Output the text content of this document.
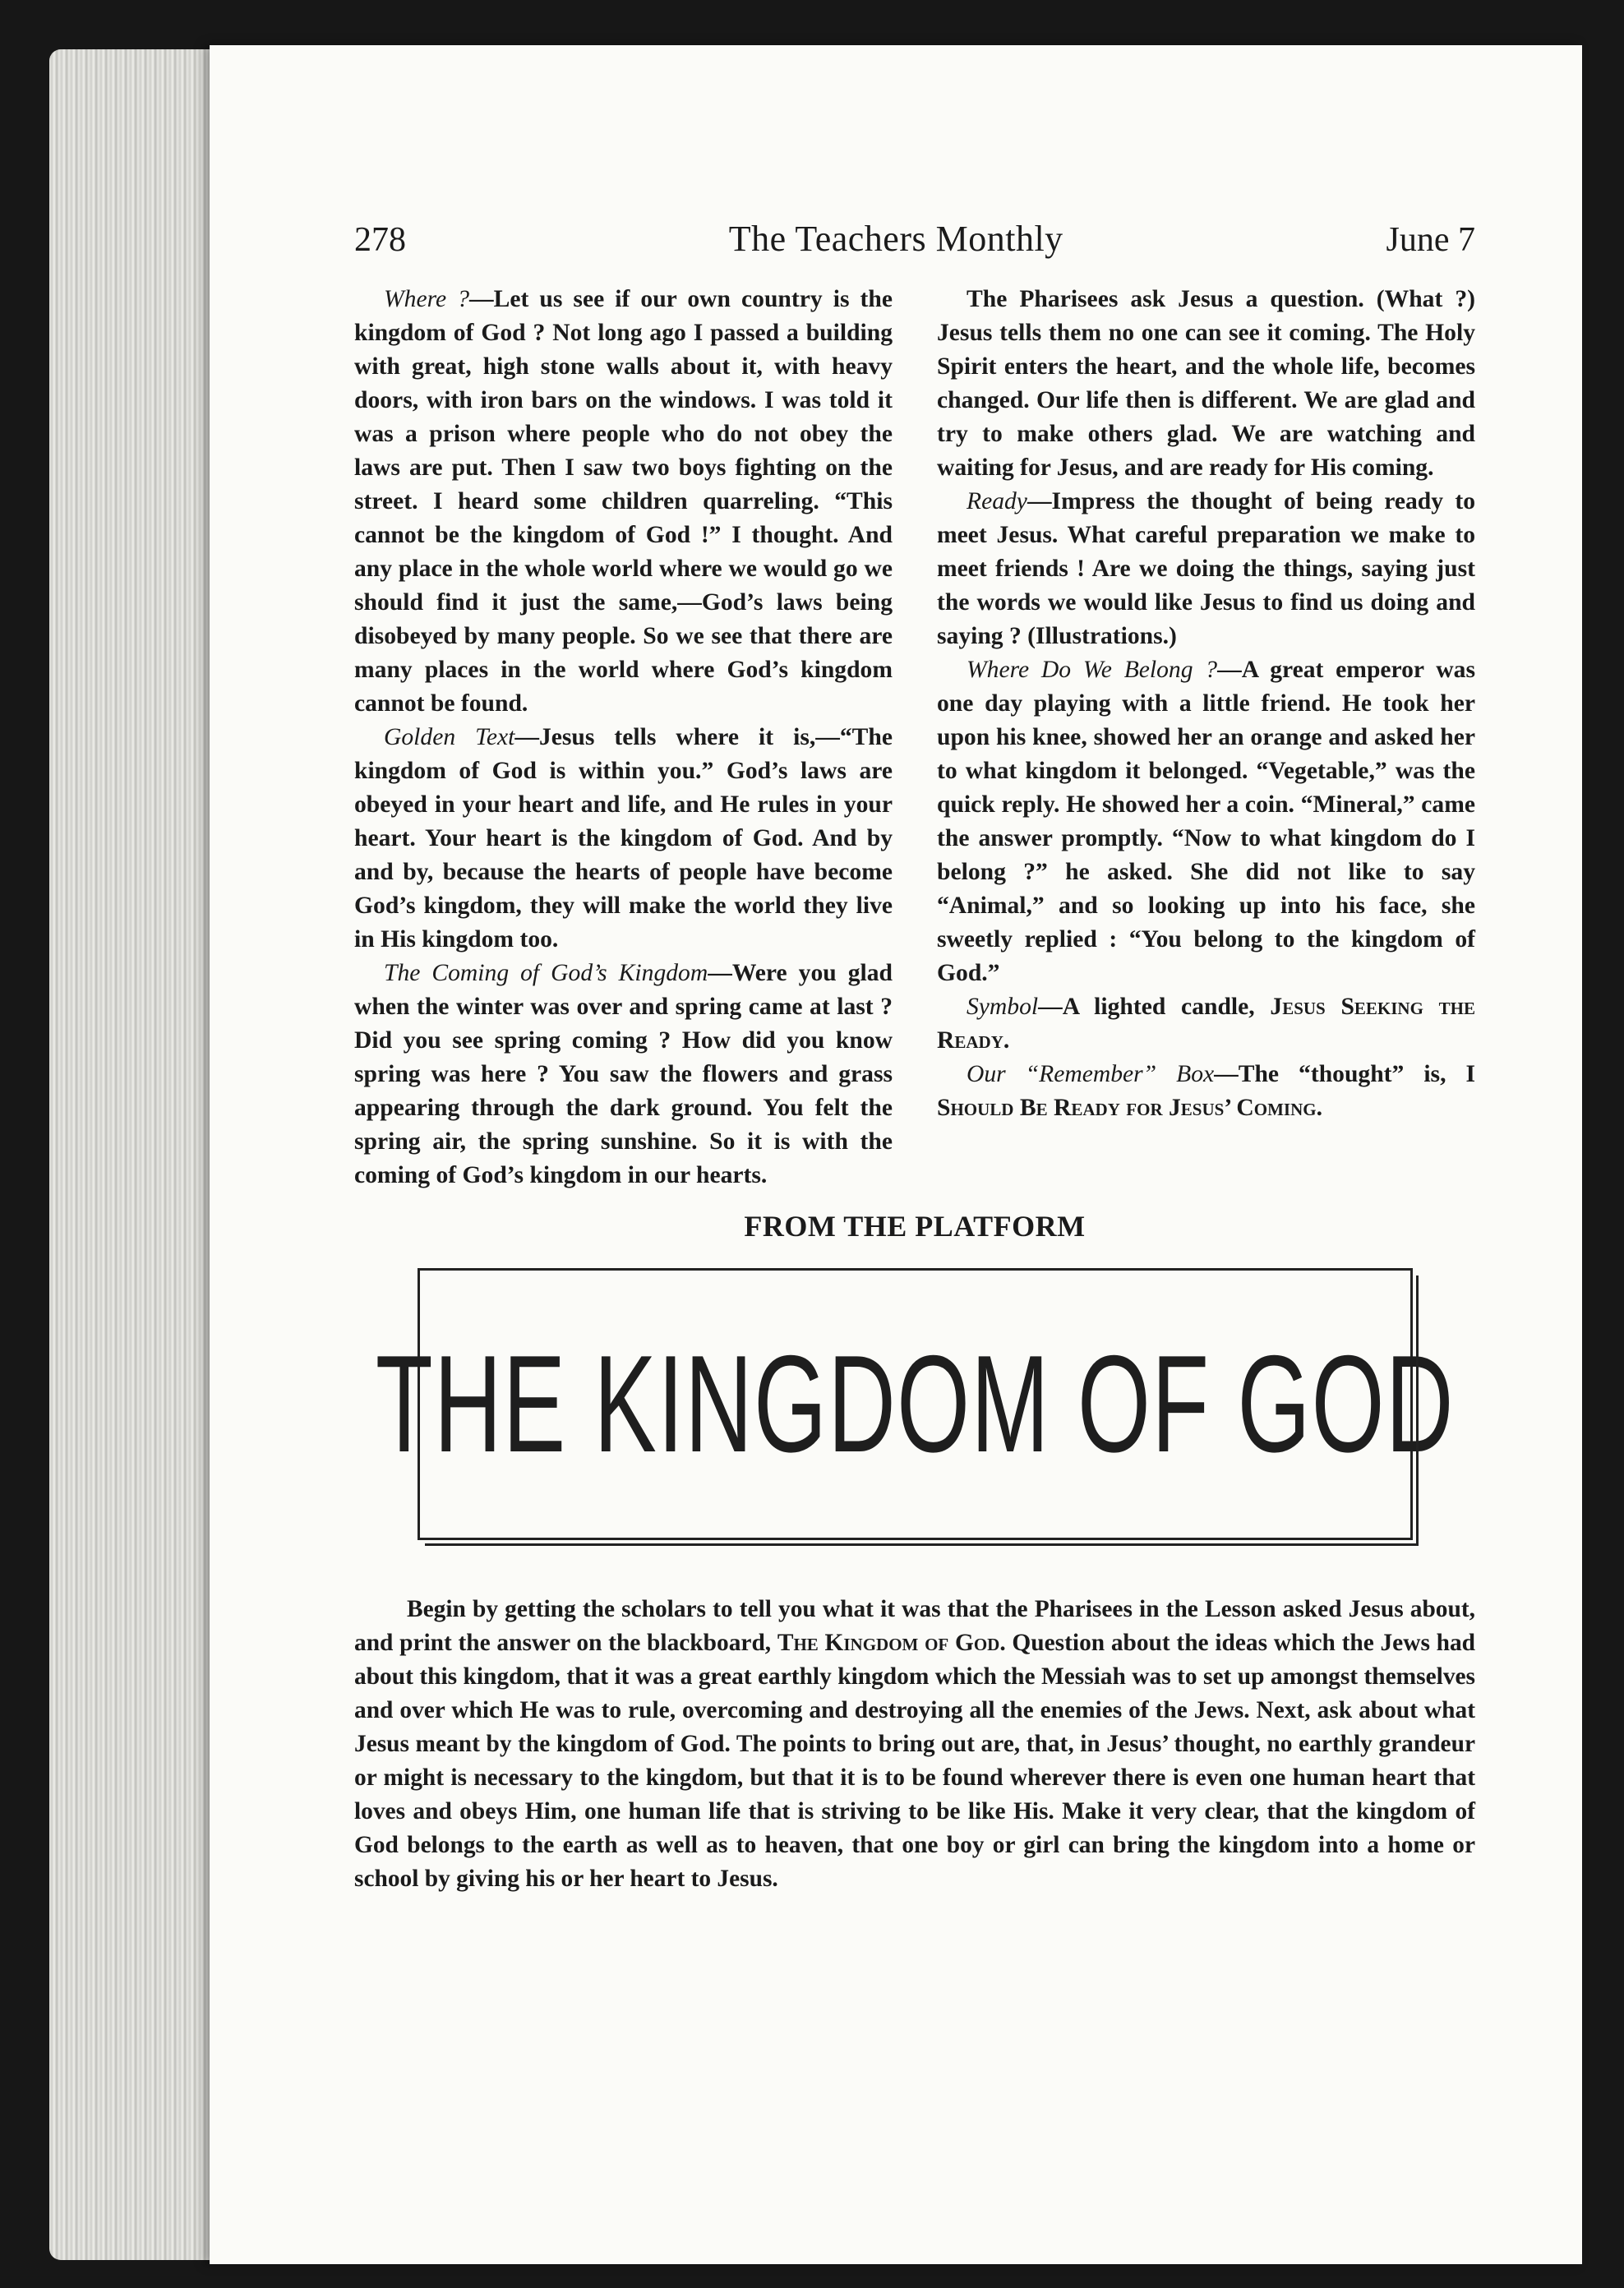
278	The Teachers Monthly	June 7

Where ?—Let us see if our own country is the kingdom of God ? Not long ago I passed a building with great, high stone walls about it, with heavy doors, with iron bars on the windows. I was told it was a prison where people who do not obey the laws are put. Then I saw two boys fighting on the street. I heard some children quarreling. “This cannot be the kingdom of God !” I thought. And any place in the whole world where we would go we should find it just the same,—God’s laws being disobeyed by many people. So we see that there are many places in the world where God’s kingdom cannot be found.

Golden Text—Jesus tells where it is,—“The kingdom of God is within you.” God’s laws are obeyed in your heart and life, and He rules in your heart. Your heart is the kingdom of God. And by and by, because the hearts of people have become God’s kingdom, they will make the world they live in His kingdom too.

The Coming of God’s Kingdom—Were you glad when the winter was over and spring came at last ? Did you see spring coming ? How did you know spring was here ? You saw the flowers and grass appearing through the dark ground. You felt the spring air, the spring sunshine. So it is with the coming of God’s kingdom in our hearts.

The Pharisees ask Jesus a question. (What ?) Jesus tells them no one can see it coming. The Holy Spirit enters the heart, and the whole life, becomes changed. Our life then is different. We are glad and try to make others glad. We are watching and waiting for Jesus, and are ready for His coming.

Ready—Impress the thought of being ready to meet Jesus. What careful preparation we make to meet friends ! Are we doing the things, saying just the words we would like Jesus to find us doing and saying ? (Illustrations.)

Where Do We Belong ?—A great emperor was one day playing with a little friend. He took her upon his knee, showed her an orange and asked her to what kingdom it belonged. “Vegetable,” was the quick reply. He showed her a coin. “Mineral,” came the answer promptly. “Now to what kingdom do I belong ?” he asked. She did not like to say “Animal,” and so looking up into his face, she sweetly replied : “You belong to the kingdom of God.”

Symbol—A lighted candle, Jesus Seeking the Ready.

Our “Remember” Box—The “thought” is, I Should Be Ready for Jesus’ Coming.

FROM THE PLATFORM
THE KINGDOM OF GOD

Begin by getting the scholars to tell you what it was that the Pharisees in the Lesson asked Jesus about, and print the answer on the blackboard, The Kingdom of God. Question about the ideas which the Jews had about this kingdom, that it was a great earthly kingdom which the Messiah was to set up amongst themselves and over which He was to rule, overcoming and destroying all the enemies of the Jews. Next, ask about what Jesus meant by the kingdom of God. The points to bring out are, that, in Jesus’ thought, no earthly grandeur or might is necessary to the kingdom, but that it is to be found wherever there is even one human heart that loves and obeys Him, one human life that is striving to be like His. Make it very clear, that the kingdom of God belongs to the earth as well as to heaven, that one boy or girl can bring the kingdom into a home or school by giving his or her heart to Jesus.
